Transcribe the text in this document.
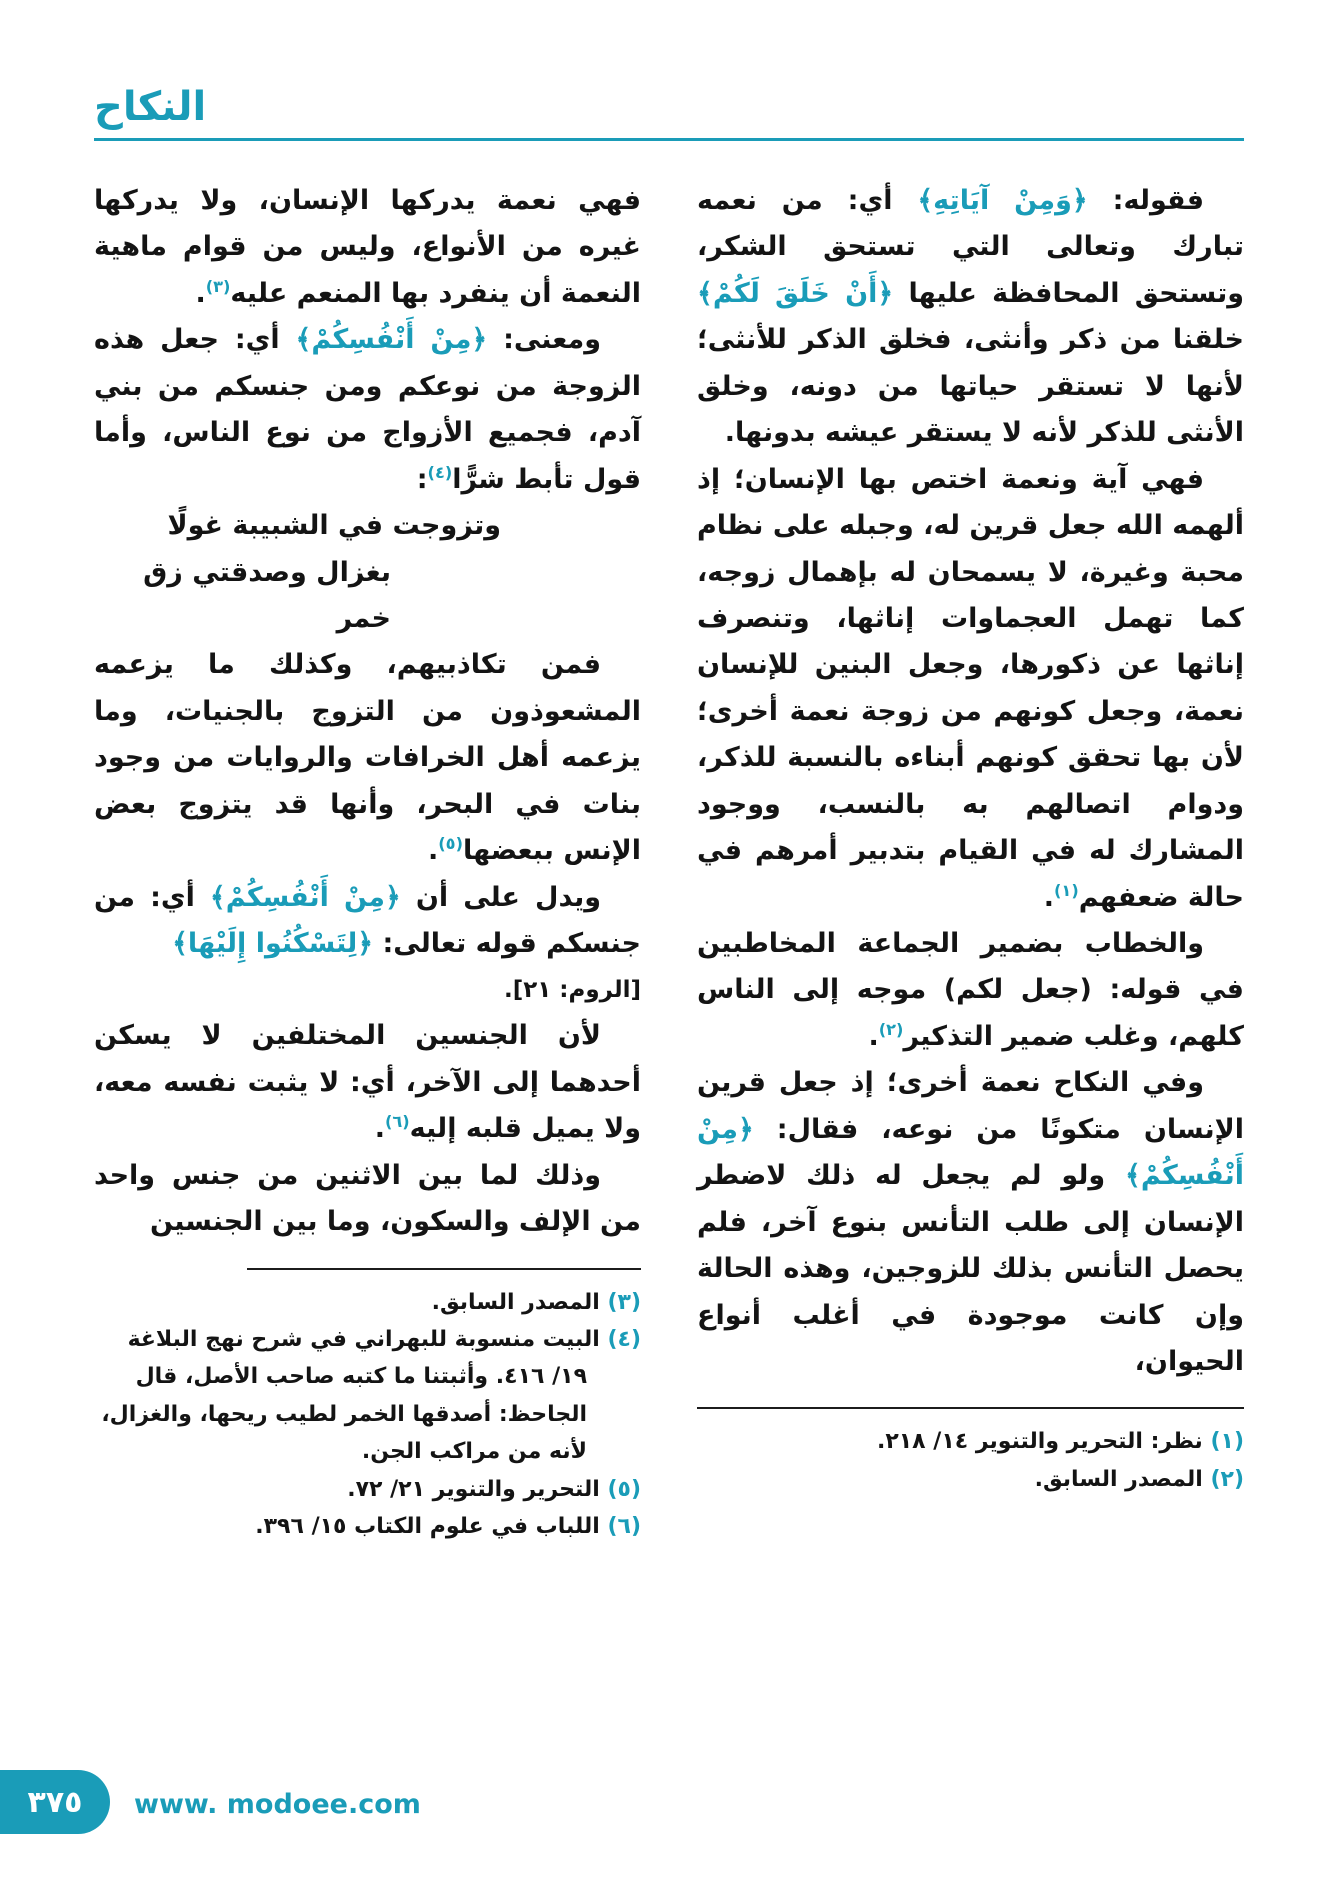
النكاح

فقوله: ﴿وَمِنْ آيَاتِهِ﴾ أي: من نعمه تبارك وتعالى التي تستحق الشكر، وتستحق المحافظة عليها ﴿أَنْ خَلَقَ لَكُمْ﴾ خلقنا من ذكر وأنثى، فخلق الذكر للأنثى؛ لأنها لا تستقر حياتها من دونه، وخلق الأنثى للذكر لأنه لا يستقر عيشه بدونها.

فهي آية ونعمة اختص بها الإنسان؛ إذ ألهمه الله جعل قرين له، وجبله على نظام محبة وغيرة، لا يسمحان له بإهمال زوجه، كما تهمل العجماوات إناثها، وتنصرف إناثها عن ذكورها، وجعل البنين للإنسان نعمة، وجعل كونهم من زوجة نعمة أخرى؛ لأن بها تحقق كونهم أبناءه بالنسبة للذكر، ودوام اتصالهم به بالنسب، ووجود المشارك له في القيام بتدبير أمرهم في حالة ضعفهم$^{(١)}$.

والخطاب بضمير الجماعة المخاطبين في قوله: (جعل لكم) موجه إلى الناس كلهم، وغلب ضمير التذكير$^{(٢)}$.

وفي النكاح نعمة أخرى؛ إذ جعل قرين الإنسان متكونًا من نوعه، فقال: ﴿مِنْ أَنْفُسِكُمْ﴾ ولو لم يجعل له ذلك لاضطر الإنسان إلى طلب التأنس بنوع آخر، فلم يحصل التأنس بذلك للزوجين، وهذه الحالة وإن كانت موجودة في أغلب أنواع الحيوان،

(١) نظر: التحرير والتنوير ١٤/ ٢١٨.
(٢) المصدر السابق.

فهي نعمة يدركها الإنسان، ولا يدركها غيره من الأنواع، وليس من قوام ماهية النعمة أن ينفرد بها المنعم عليه$^{(٣)}$.

ومعنى: ﴿مِنْ أَنْفُسِكُمْ﴾ أي: جعل هذه الزوجة من نوعكم ومن جنسكم من بني آدم، فجميع الأزواج من نوع الناس، وأما قول تأبط شرًّا$^{(٤)}$:

وتزوجت في الشبيبة غولًا

بغزال وصدقتي زق خمر

فمن تكاذبيهم، وكذلك ما يزعمه المشعوذون من التزوج بالجنيات، وما يزعمه أهل الخرافات والروايات من وجود بنات في البحر، وأنها قد يتزوج بعض الإنس ببعضها$^{(٥)}$.

ويدل على أن ﴿مِنْ أَنْفُسِكُمْ﴾ أي: من جنسكم قوله تعالى: ﴿لِتَسْكُنُوا إِلَيْهَا﴾

[الروم: ٢١].

لأن الجنسين المختلفين لا يسكن أحدهما إلى الآخر، أي: لا يثبت نفسه معه، ولا يميل قلبه إليه$^{(٦)}$.

وذلك لما بين الاثنين من جنس واحد من الإلف والسكون، وما بين الجنسين

(٣) المصدر السابق.
(٤) البيت منسوبة للبهراني في شرح نهج البلاغة ١٩/ ٤١٦. وأثبتنا ما كتبه صاحب الأصل، قال الجاحظ: أصدقها الخمر لطيب ريحها، والغزال، لأنه من مراكب الجن.
(٥) التحرير والتنوير ٢١/ ٧٢.
(٦) اللباب في علوم الكتاب ١٥/ ٣٩٦.
٣٧٥ www. modoee.com
